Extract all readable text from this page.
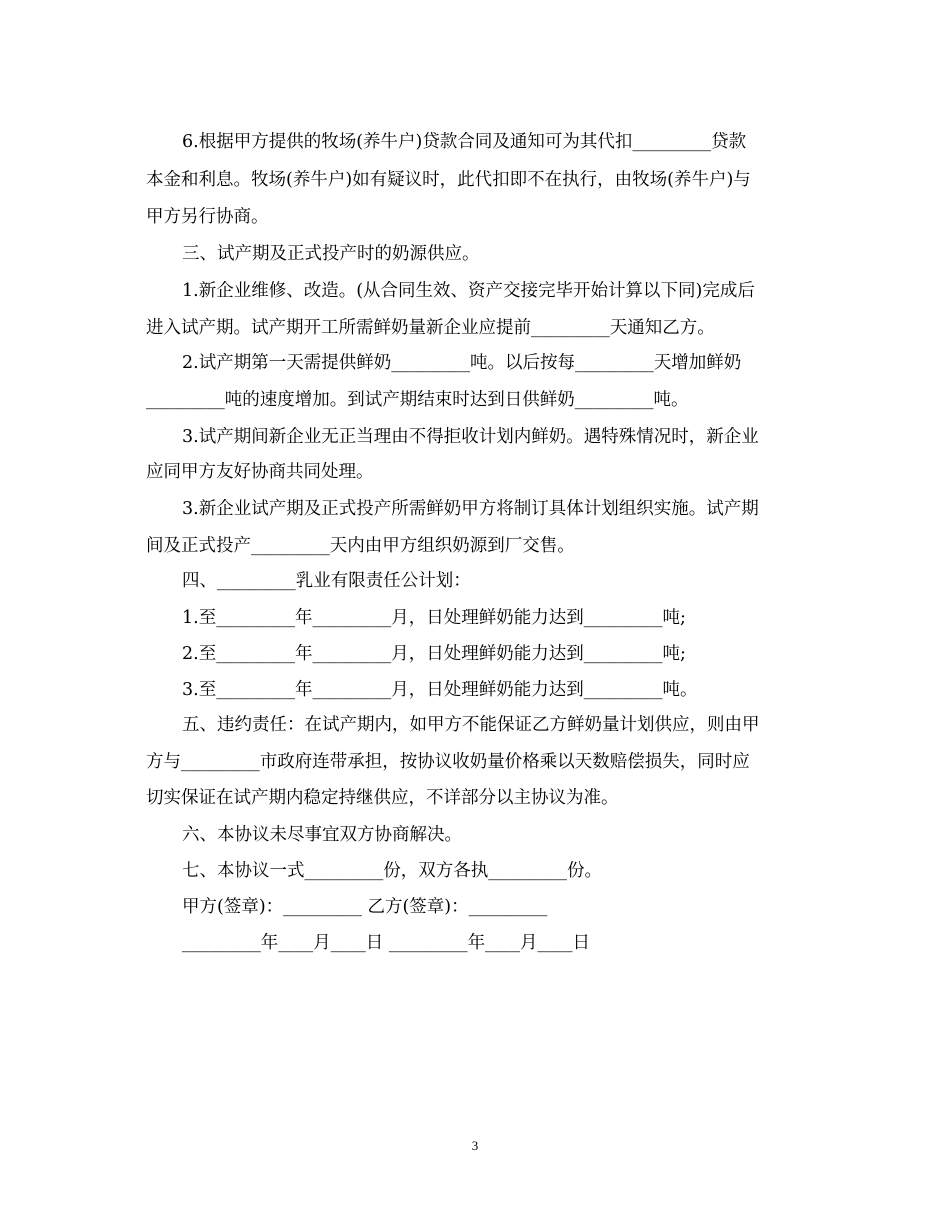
6.根据甲方提供的牧场(养牛户)贷款合同及通知可为其代扣_________贷款
本金和利息。牧场(养牛户)如有疑议时，此代扣即不在执行，由牧场(养牛户)与
甲方另行协商。
三、试产期及正式投产时的奶源供应。
1.新企业维修、改造。(从合同生效、资产交接完毕开始计算以下同)完成后
进入试产期。试产期开工所需鲜奶量新企业应提前_________天通知乙方。
2.试产期第一天需提供鲜奶_________吨。以后按每_________天增加鲜奶
_________吨的速度增加。到试产期结束时达到日供鲜奶_________吨。
3.试产期间新企业无正当理由不得拒收计划内鲜奶。遇特殊情况时，新企业
应同甲方友好协商共同处理。
3.新企业试产期及正式投产所需鲜奶甲方将制订具体计划组织实施。试产期
间及正式投产_________天内由甲方组织奶源到厂交售。
四、_________乳业有限责任公计划：
1.至_________年_________月，日处理鲜奶能力达到_________吨;
2.至_________年_________月，日处理鲜奶能力达到_________吨;
3.至_________年_________月，日处理鲜奶能力达到_________吨。
五、违约责任：在试产期内，如甲方不能保证乙方鲜奶量计划供应，则由甲
方与_________市政府连带承担，按协议收奶量价格乘以天数赔偿损失，同时应
切实保证在试产期内稳定持继供应，不详部分以主协议为准。
六、本协议未尽事宜双方协商解决。
七、本协议一式_________份，双方各执_________份。
甲方(签章)：_________ 乙方(签章)：_________
_________年____月____日 _________年____月____日
3
